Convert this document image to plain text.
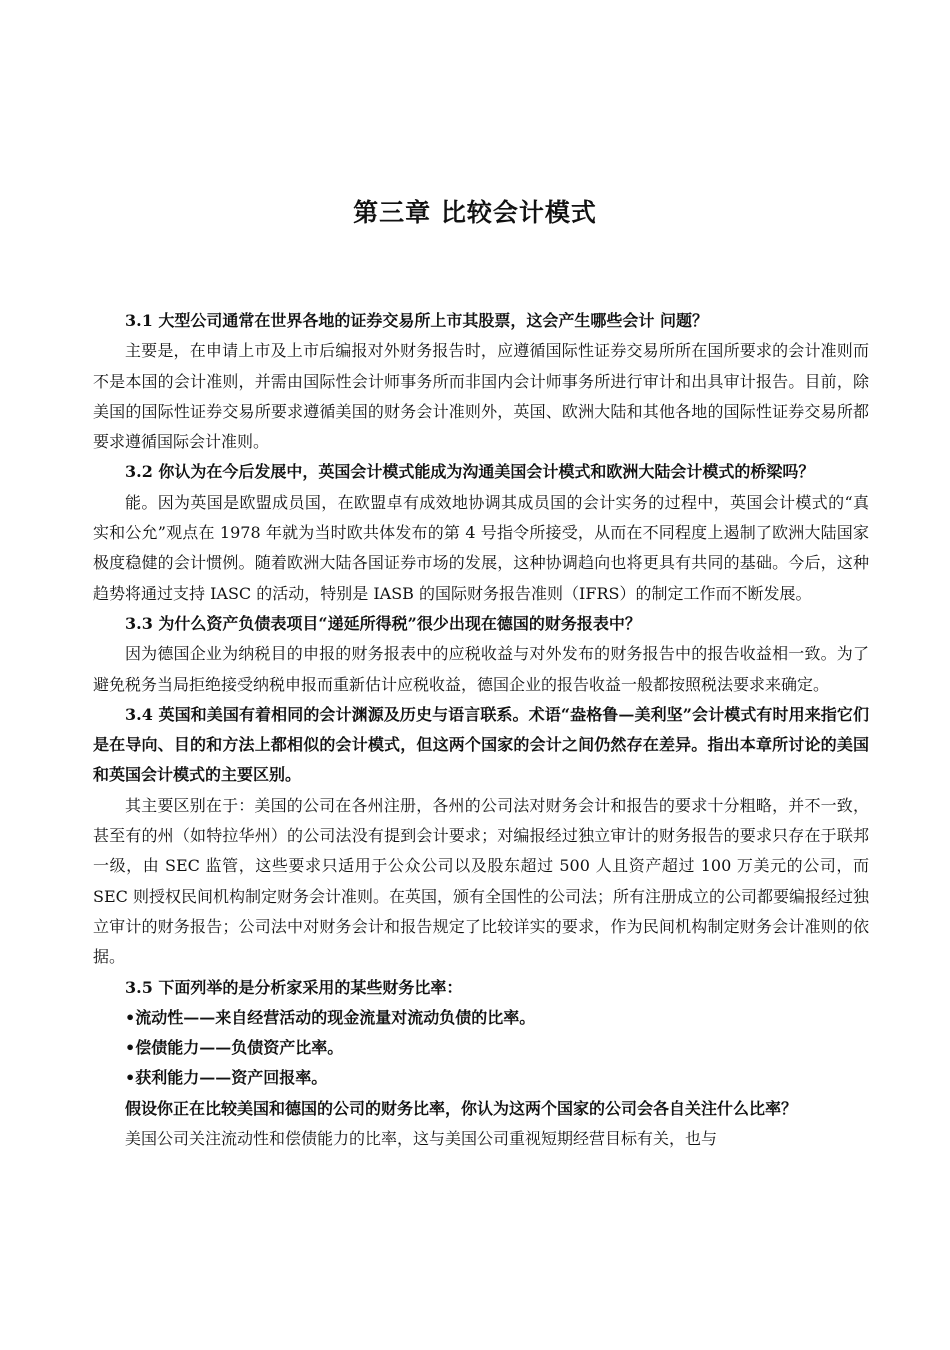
第三章 比较会计模式

3.1 大型公司通常在世界各地的证券交易所上市其股票，这会产生哪些会计 问题？

主要是，在申请上市及上市后编报对外财务报告时，应遵循国际性证券交易所所在国所要求的会计准则而不是本国的会计准则，并需由国际性会计师事务所而非国内会计师事务所进行审计和出具审计报告。目前，除美国的国际性证券交易所要求遵循美国的财务会计准则外，英国、欧洲大陆和其他各地的国际性证券交易所都要求遵循国际会计准则。

3.2 你认为在今后发展中，英国会计模式能成为沟通美国会计模式和欧洲大陆会计模式的桥梁吗？

能。因为英国是欧盟成员国，在欧盟卓有成效地协调其成员国的会计实务的过程中，英国会计模式的“真实和公允”观点在 1978 年就为当时欧共体发布的第 4 号指令所接受，从而在不同程度上遏制了欧洲大陆国家极度稳健的会计惯例。随着欧洲大陆各国证券市场的发展，这种协调趋向也将更具有共同的基础。今后，这种趋势将通过支持 IASC 的活动，特别是 IASB 的国际财务报告准则（IFRS）的制定工作而不断发展。

3.3 为什么资产负债表项目“递延所得税”很少出现在德国的财务报表中？

因为德国企业为纳税目的申报的财务报表中的应税收益与对外发布的财务报告中的报告收益相一致。为了避免税务当局拒绝接受纳税申报而重新估计应税收益，德国企业的报告收益一般都按照税法要求来确定。

3.4 英国和美国有着相同的会计渊源及历史与语言联系。术语“盎格鲁—美利坚”会计模式有时用来指它们是在导向、目的和方法上都相似的会计模式，但这两个国家的会计之间仍然存在差异。指出本章所讨论的美国和英国会计模式的主要区别。

其主要区别在于：美国的公司在各州注册，各州的公司法对财务会计和报告的要求十分粗略，并不一致，甚至有的州（如特拉华州）的公司法没有提到会计要求；对编报经过独立审计的财务报告的要求只存在于联邦一级，由 SEC 监管，这些要求只适用于公众公司以及股东超过 500 人且资产超过 100 万美元的公司，而 SEC 则授权民间机构制定财务会计准则。在英国，颁有全国性的公司法；所有注册成立的公司都要编报经过独立审计的财务报告；公司法中对财务会计和报告规定了比较详实的要求，作为民间机构制定财务会计准则的依据。

3.5 下面列举的是分析家采用的某些财务比率：

•流动性——来自经营活动的现金流量对流动负债的比率。

•偿债能力——负债资产比率。

•获利能力——资产回报率。

假设你正在比较美国和德国的公司的财务比率，你认为这两个国家的公司会各自关注什么比率？

美国公司关注流动性和偿债能力的比率，这与美国公司重视短期经营目标有关，也与
